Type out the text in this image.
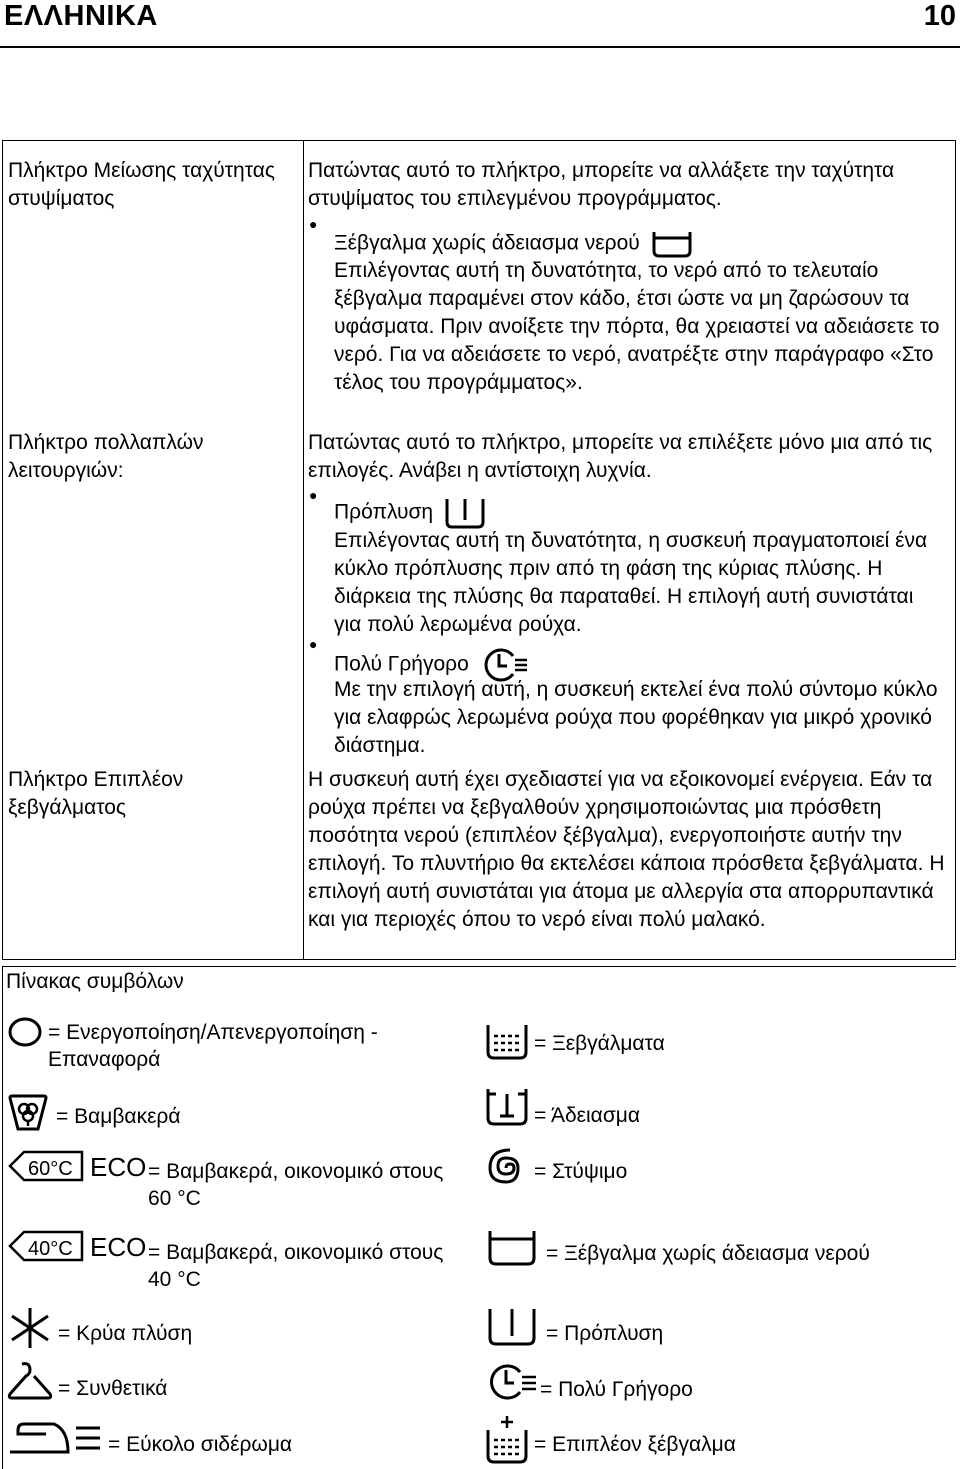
ΕΛΛΗΝΙΚΑ	10
Πλήκτρο Μείωσης ταχύτητας στυψίματος
Πατώντας αυτό το πλήκτρο, μπορείτε να αλλάξετε την ταχύτητα στυψίματος του επιλεγμένου προγράμματος.
●
Ξέβγαλμα χωρίς άδειασμα νερού
Επιλέγοντας αυτή τη δυνατότητα, το νερό από το τελευταίο ξέβγαλμα παραμένει στον κάδο, έτσι ώστε να μη ζαρώσουν τα υφάσματα. Πριν ανοίξετε την πόρτα, θα χρειαστεί να αδειάσετε το νερό. Για να αδειάσετε το νερό, ανατρέξτε στην παράγραφο «Στο τέλος του προγράμματος».
Πλήκτρο πολλαπλών λειτουργιών:
Πατώντας αυτό το πλήκτρο, μπορείτε να επιλέξετε μόνο μια από τις επιλογές. Ανάβει η αντίστοιχη λυχνία.
●
Πρόπλυση
Επιλέγοντας αυτή τη δυνατότητα, η συσκευή πραγματοποιεί ένα κύκλο πρόπλυσης πριν από τη φάση της κύριας πλύσης. Η διάρκεια της πλύσης θα παραταθεί. Η επιλογή αυτή συνιστάται για πολύ λερωμένα ρούχα.
●
Πολύ Γρήγορο
Με την επιλογή αυτή, η συσκευή εκτελεί ένα πολύ σύντομο κύκλο για ελαφρώς λερωμένα ρούχα που φορέθηκαν για μικρό χρονικό διάστημα.
Πλήκτρο Επιπλέον ξεβγάλματος
Η συσκευή αυτή έχει σχεδιαστεί για να εξοικονομεί ενέργεια. Εάν τα ρούχα πρέπει να ξεβγαλθούν χρησιμοποιώντας μια πρόσθετη ποσότητα νερού (επιπλέον ξέβγαλμα), ενεργοποιήστε αυτήν την επιλογή. Το πλυντήριο θα εκτελέσει κάποια πρόσθετα ξεβγάλματα. Η επιλογή αυτή συνιστάται για άτομα με αλλεργία στα απορρυπαντικά και για περιοχές όπου το νερό είναι πολύ μαλακό.
Πίνακας συμβόλων
= Ενεργοποίηση/Απενεργοποίηση - Επαναφορά
= Βαμβακερά
60°C ECO = Βαμβακερά, οικονομικό στους 60 °C
40°C ECO = Βαμβακερά, οικονομικό στους 40 °C
= Κρύα πλύση
= Συνθετικά
= Εύκολο σιδέρωμα
= Ξεβγάλματα
= Άδειασμα
= Στύψιμο
= Ξέβγαλμα χωρίς άδειασμα νερού
= Πρόπλυση
= Πολύ Γρήγορο
= Επιπλέον ξέβγαλμα
